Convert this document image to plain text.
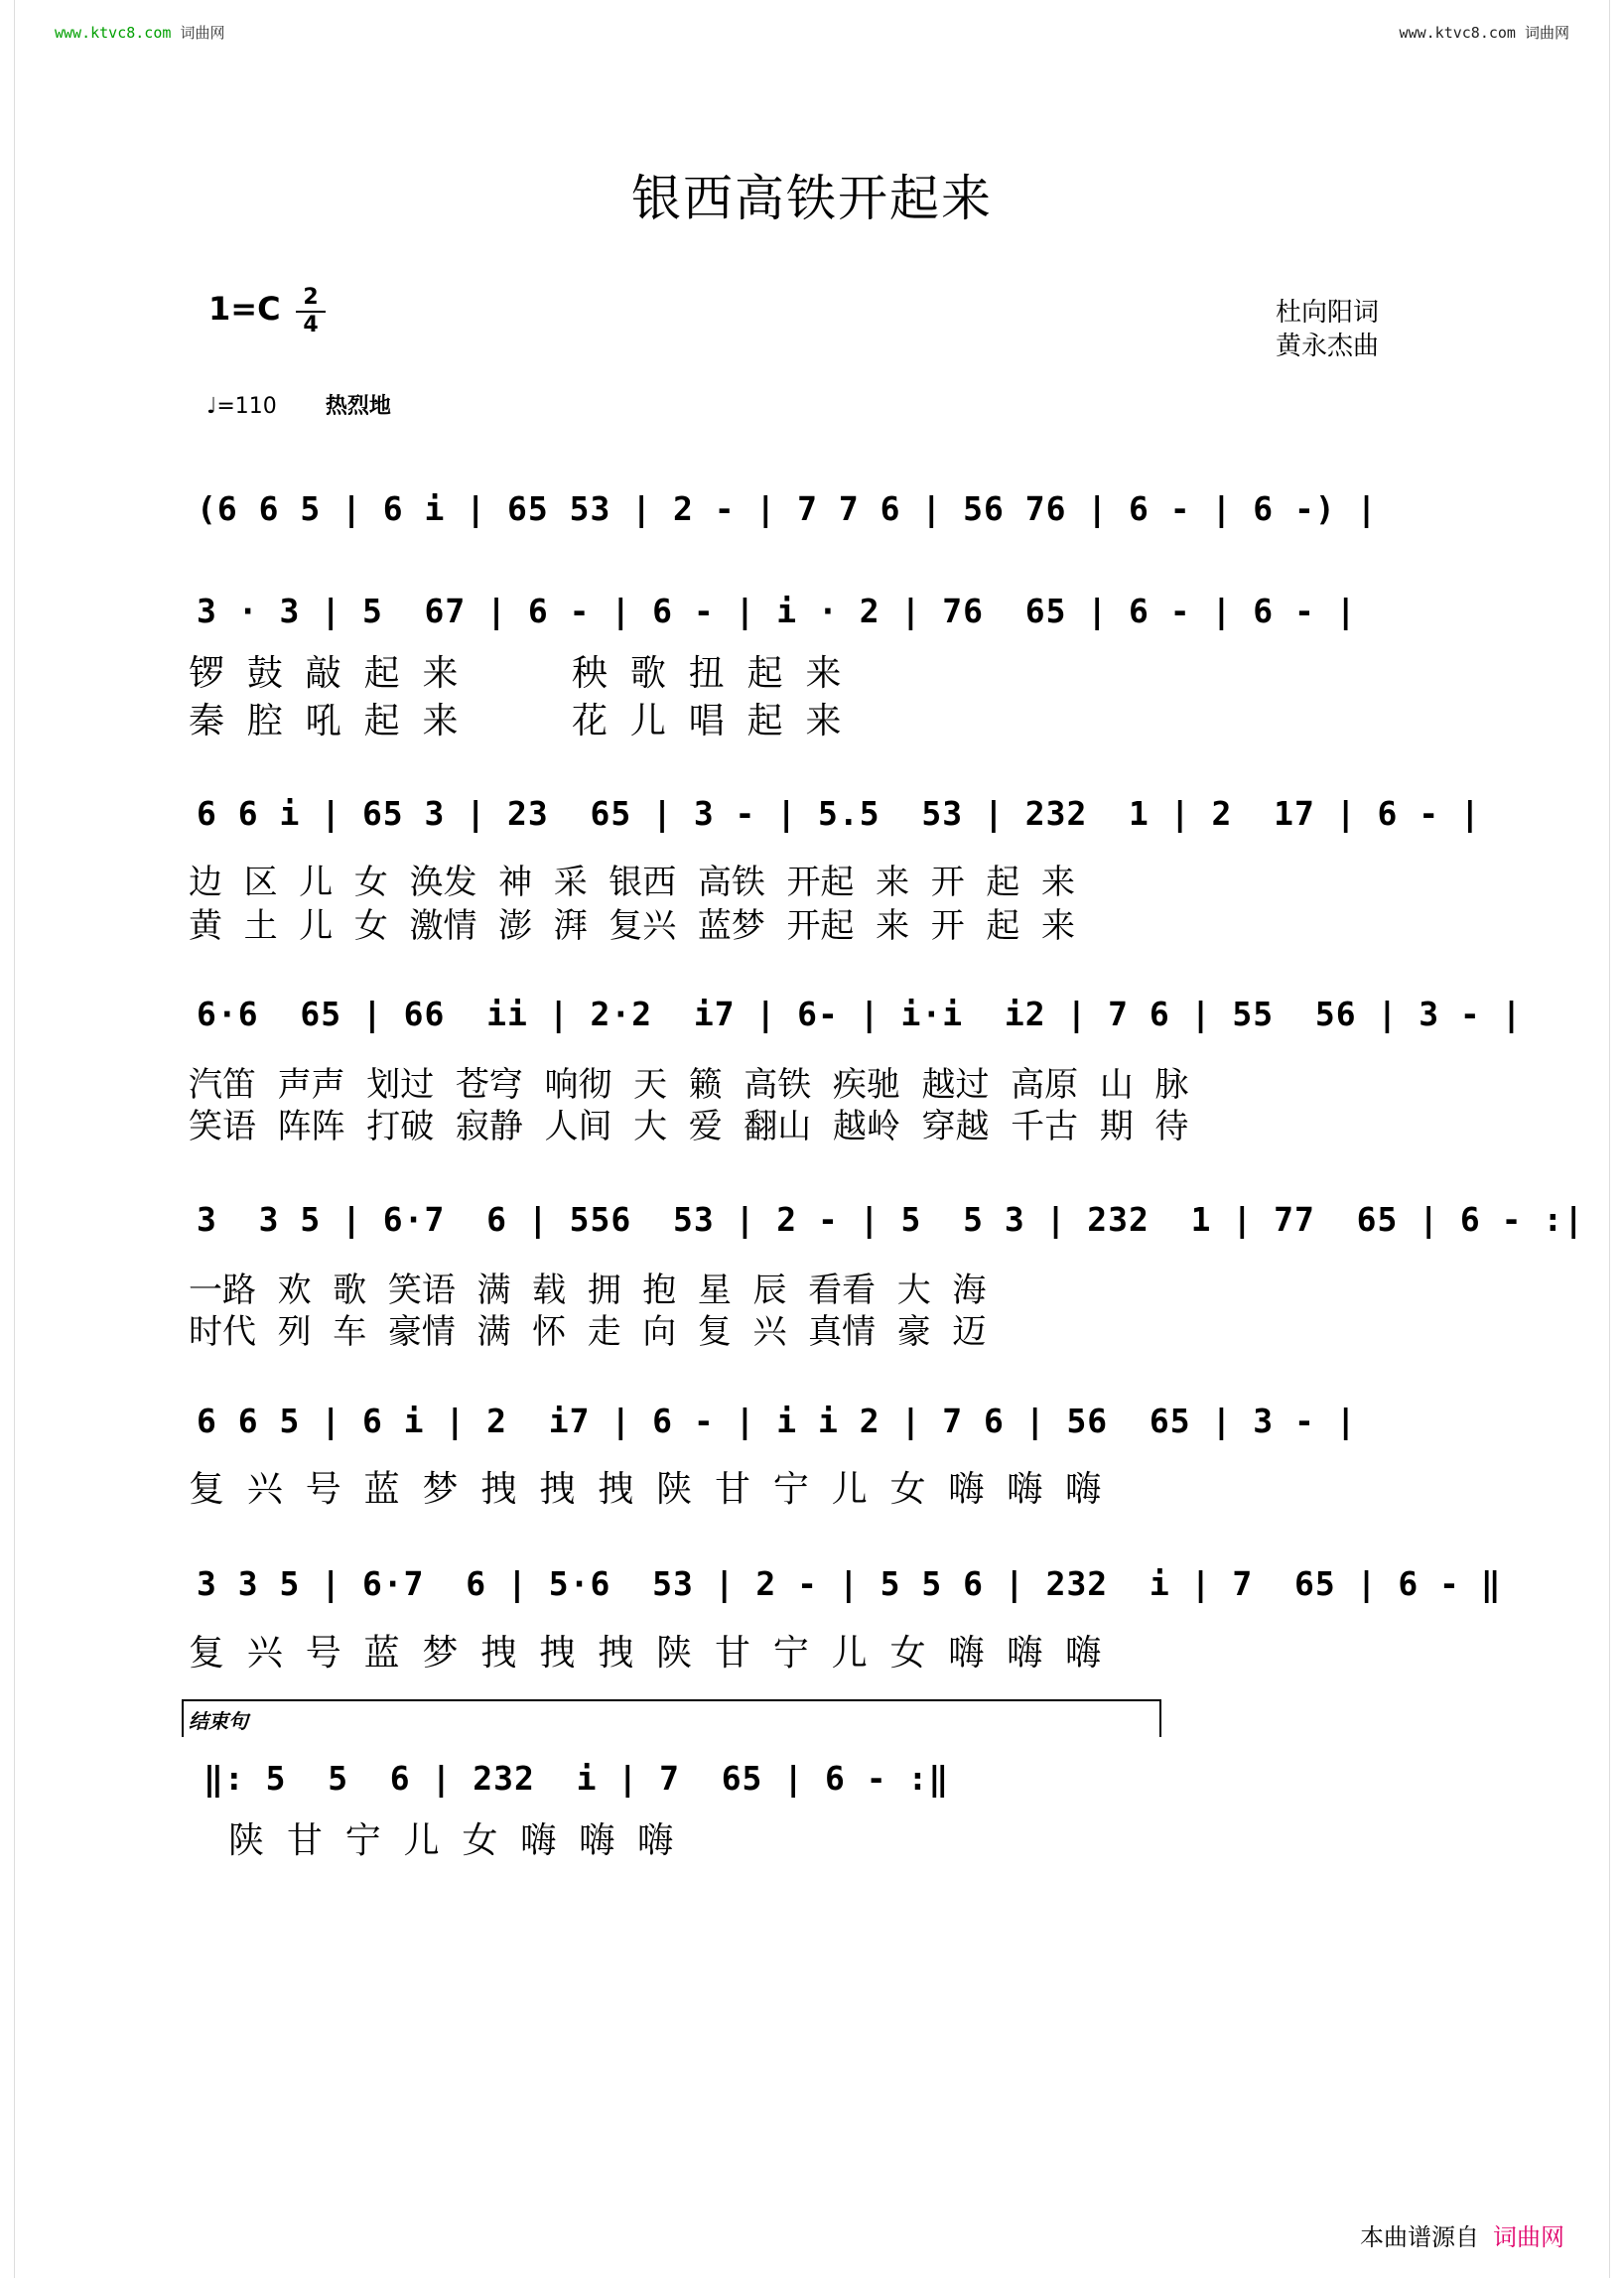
www.ktvc8.com 词曲网	www.ktvc8.com 词曲网
银西高铁开起来
1=C	2
4	杜向阳词
黄永杰曲
♩=110 热烈地
(6 6 5 | 6 i | 65 53 | 2 - | 7 7 6 | 56 76 | 6 - | 6 -) |
3 · 3 | 5  67 | 6 - | 6 - | i · 2 | 76  65 | 6 - | 6 - |
锣  鼓  敲  起  来          秧  歌  扭  起  来
秦  腔  吼  起  来          花  儿  唱  起  来
6 6 i | 65 3 | 23  65 | 3 - | 5.5  53 | 232  1 | 2  17 | 6 - |
边  区  儿  女  涣发  神  采  银西  高铁  开起  来  开  起  来
黄  土  儿  女  激情  澎  湃  复兴  蓝梦  开起  来  开  起  来
6·6  65 | 66  ii | 2·2  i7 | 6- | i·i  i2 | 7 6 | 55  56 | 3 - |
汽笛  声声  划过  苍穹  响彻  天  籁  高铁  疾驰  越过  高原  山  脉
笑语  阵阵  打破  寂静  人间  大  爱  翻山  越岭  穿越  千古  期  待
3  3 5 | 6·7  6 | 556  53 | 2 - | 5  5 3 | 232  1 | 77  65 | 6 - :|
一路  欢  歌  笑语  满  载  拥  抱  星  辰  看看  大  海
时代  列  车  豪情  满  怀  走  向  复  兴  真情  豪  迈
6 6 5 | 6 i | 2  i7 | 6 - | i i 2 | 7 6 | 56  65 | 3 - |
复  兴  号  蓝  梦  拽  拽  拽  陕  甘  宁  儿  女  嗨  嗨  嗨
3 3 5 | 6·7  6 | 5·6  53 | 2 - | 5 5 6 | 232  i | 7  65 | 6 - ‖
复  兴  号  蓝  梦  拽  拽  拽  陕  甘  宁  儿  女  嗨  嗨  嗨
结束句
‖: 5  5  6 | 232  i | 7  65 | 6 - :‖
陕  甘  宁  儿  女  嗨  嗨  嗨
本曲谱源自 词曲网
